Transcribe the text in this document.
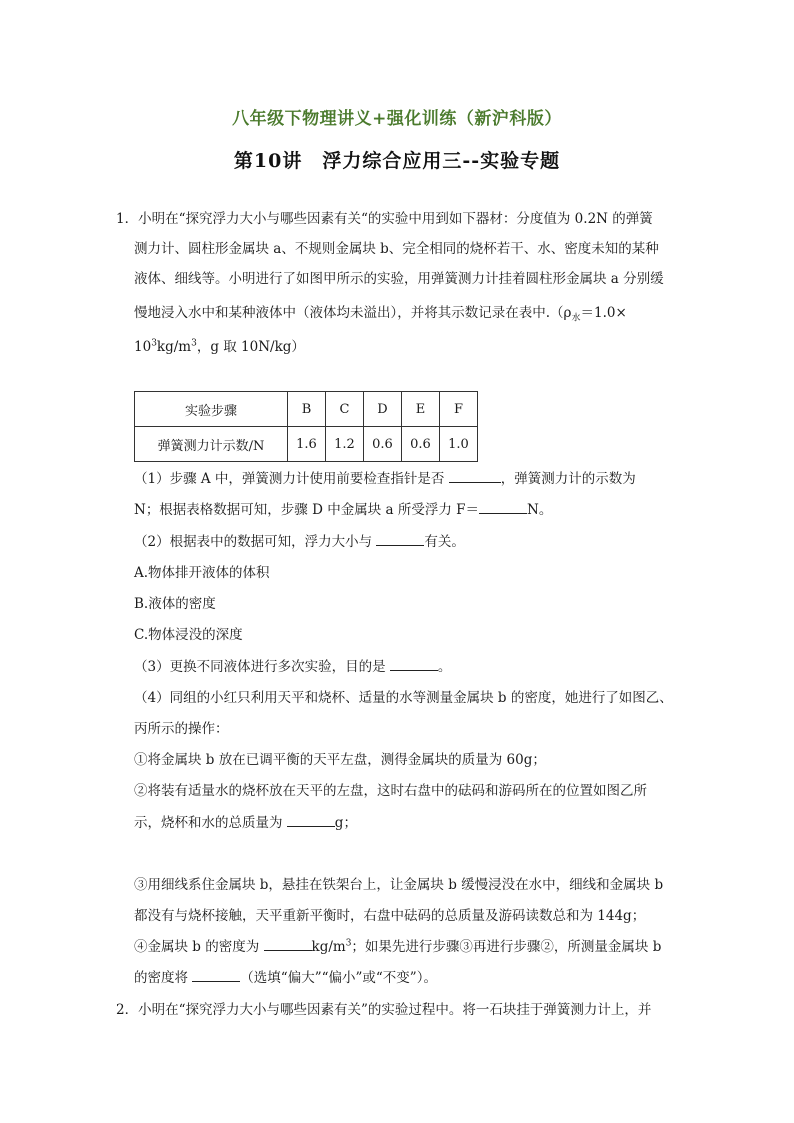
八年级下物理讲义+强化训练（新沪科版）
第10讲　浮力综合应用三--实验专题
1．小明在“探究浮力大小与哪些因素有关“的实验中用到如下器材：分度值为 0.2N 的弹簧
测力计、圆柱形金属块 a、不规则金属块 b、完全相同的烧杯若干、水、密度未知的某种
液体、细线等。小明进行了如图甲所示的实验，用弹簧测力计挂着圆柱形金属块 a 分别缓
慢地浸入水中和某种液体中（液体均未溢出），并将其示数记录在表中$.(\rho_水=1.0\times$
$10^3kg/m^3$，g 取 10N/kg）
实验步骤	B	C	D	E	F
弹簧测力计示数/N	1.6	1.2	0.6	0.6	1.0
（1）步骤 A 中，弹簧测力计使用前要检查指针是否	，弹簧测力计的示数为
N；根据表格数据可知，步骤 D 中金属块 a 所受浮力 F＝	N。
（2）根据表中的数据可知，浮力大小与	有关。
A.物体排开液体的体积
B.液体的密度
C.物体浸没的深度
（3）更换不同液体进行多次实验，目的是	。
（4）同组的小红只利用天平和烧杯、适量的水等测量金属块 b 的密度，她进行了如图乙、
丙所示的操作：
①将金属块 b 放在已调平衡的天平左盘，测得金属块的质量为 60g；
②将装有适量水的烧杯放在天平的左盘，这时右盘中的砝码和游码所在的位置如图乙所
示，烧杯和水的总质量为	g；
③用细线系住金属块 b，悬挂在铁架台上，让金属块 b 缓慢浸没在水中，细线和金属块 b
都没有与烧杯接触，天平重新平衡时，右盘中砝码的总质量及游码读数总和为 144g；
④金属块 b 的密度为	$kg/m^3$；如果先进行步骤③再进行步骤②，所测量金属块 b
的密度将	（选填“偏大”“偏小”或“不变”）。
2．小明在“探究浮力大小与哪些因素有关”的实验过程中。将一石块挂于弹簧测力计上，并
